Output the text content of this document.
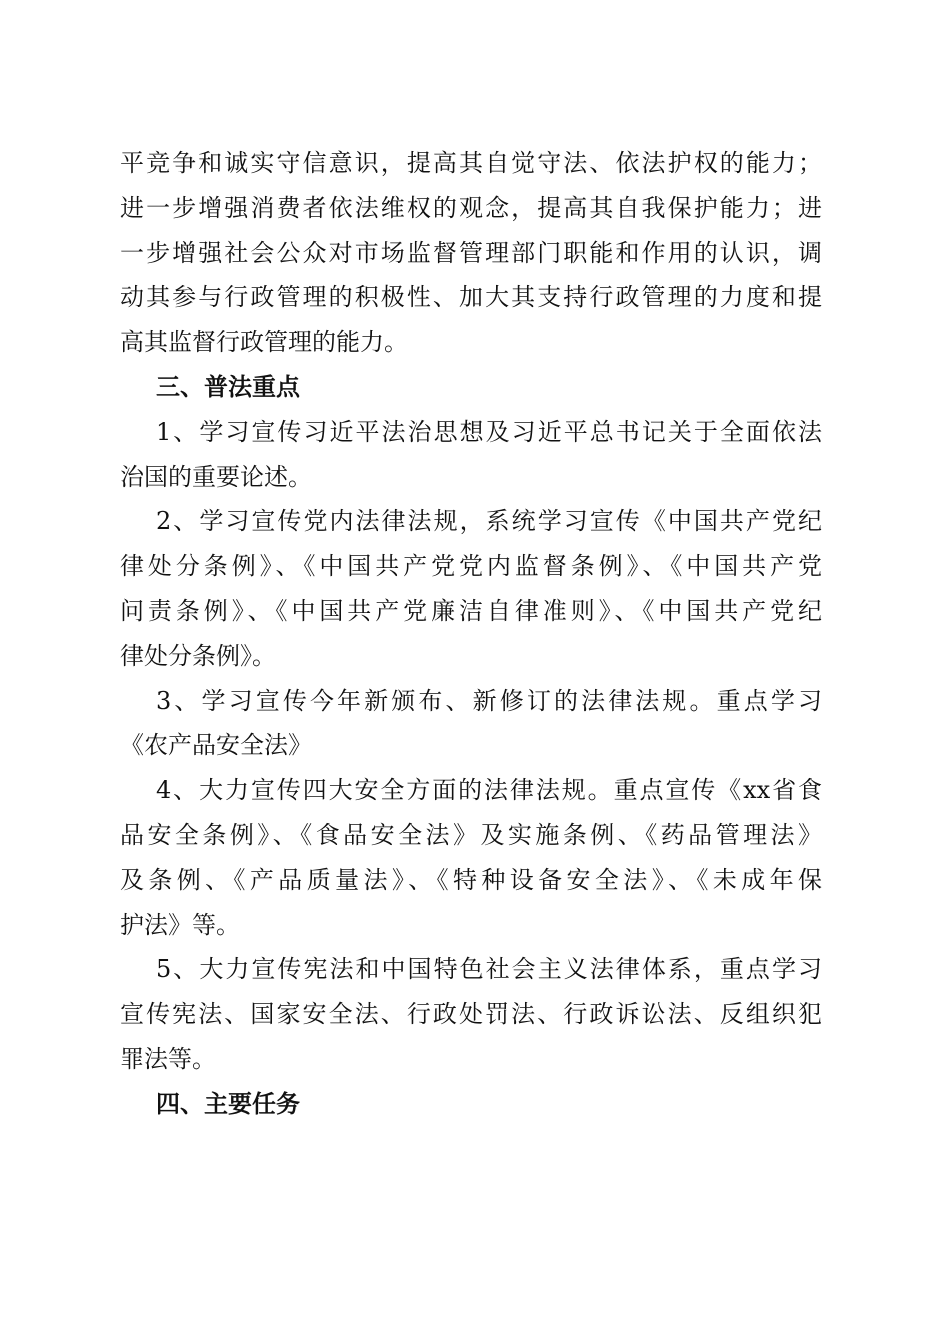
平竞争和诚实守信意识，提高其自觉守法、依法护权的能力；
进一步增强消费者依法维权的观念，提高其自我保护能力；进
一步增强社会公众对市场监督管理部门职能和作用的认识，调
动其参与行政管理的积极性、加大其支持行政管理的力度和提
高其监督行政管理的能力。
三、普法重点
1、学习宣传习近平法治思想及习近平总书记关于全面依法
治国的重要论述。
2、学习宣传党内法律法规，系统学习宣传《中国共产党纪
律处分条例》、《中国共产党党内监督条例》、《中国共产党
问责条例》、《中国共产党廉洁自律准则》、《中国共产党纪
律处分条例》。
3、学习宣传今年新颁布、新修订的法律法规。重点学习
《农产品安全法》
4、大力宣传四大安全方面的法律法规。重点宣传《xx省食
品安全条例》、《食品安全法》及实施条例、《药品管理法》
及条例、《产品质量法》、《特种设备安全法》、《未成年保
护法》等。
5、大力宣传宪法和中国特色社会主义法律体系，重点学习
宣传宪法、国家安全法、行政处罚法、行政诉讼法、反组织犯
罪法等。
四、主要任务
